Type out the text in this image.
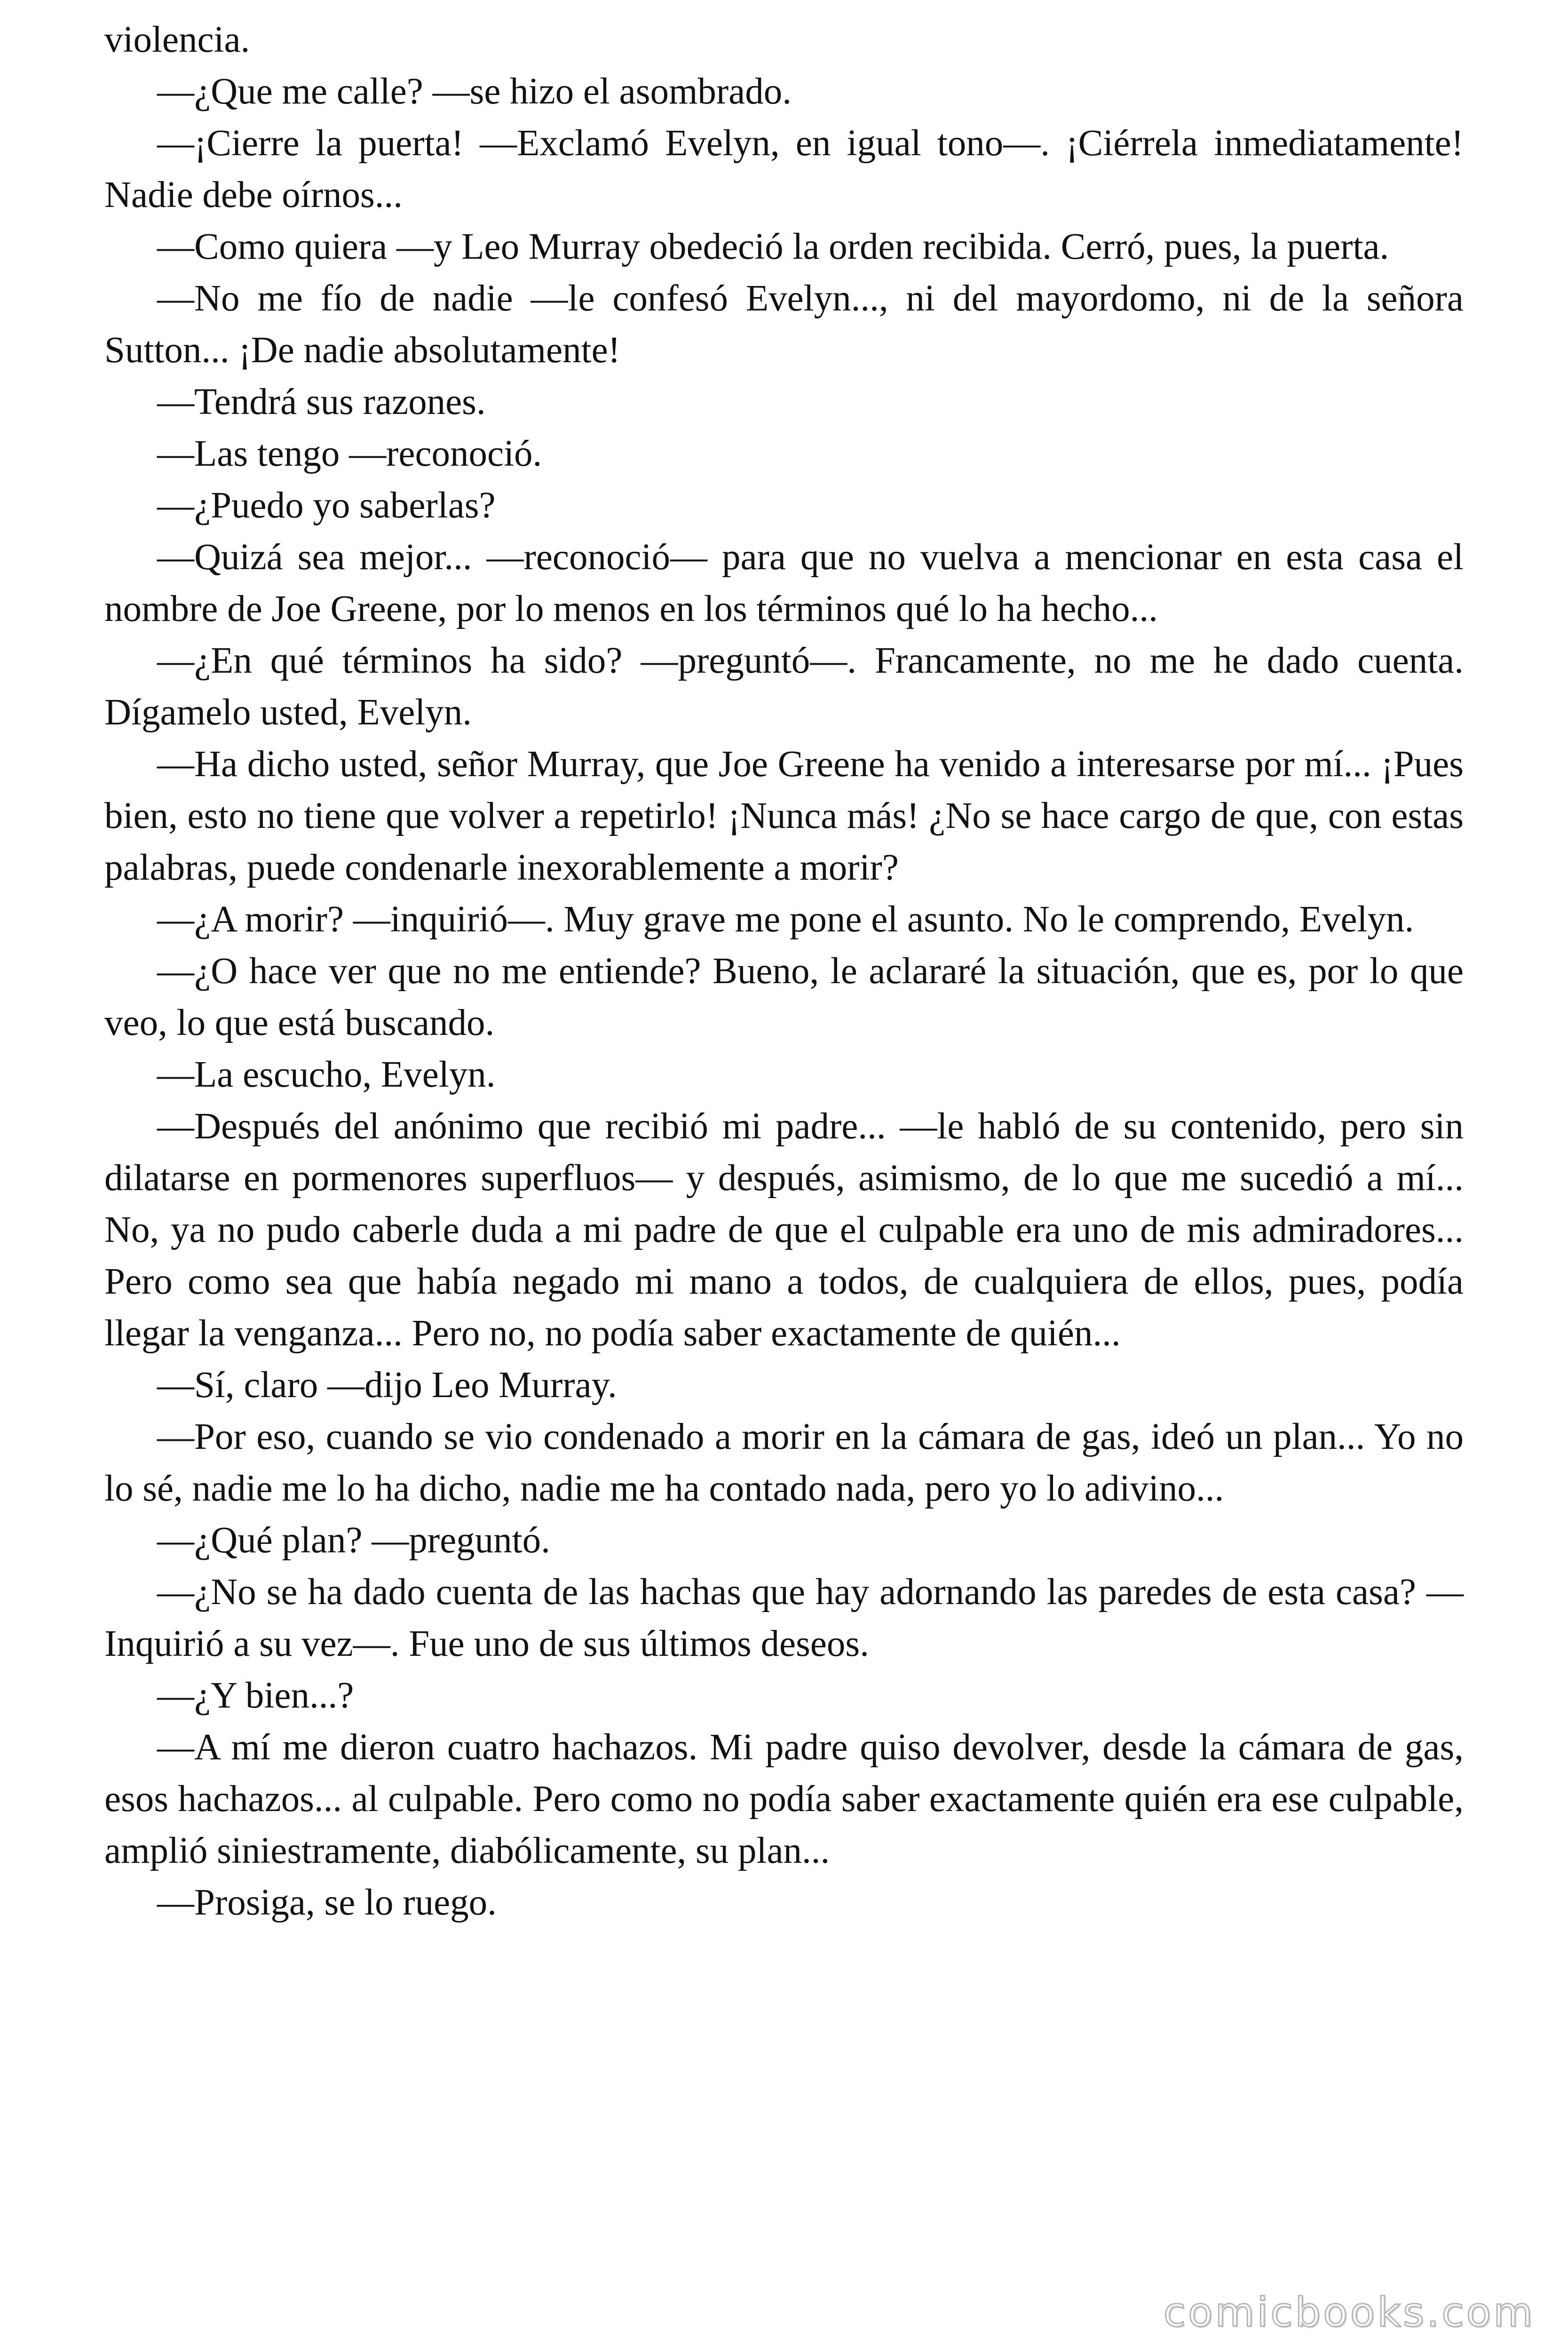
violencia.

—¿Que me calle? —se hizo el asombrado.

—¡Cierre la puerta! —Exclamó Evelyn, en igual tono—. ¡Ciérrela inmediatamente! Nadie debe oírnos...

—Como quiera —y Leo Murray obedeció la orden recibida. Cerró, pues, la puerta.

—No me fío de nadie —le confesó Evelyn..., ni del mayordomo, ni de la señora Sutton... ¡De nadie absolutamente!

—Tendrá sus razones.

—Las tengo —reconoció.

—¿Puedo yo saberlas?

—Quizá sea mejor... —reconoció— para que no vuelva a mencionar en esta casa el nombre de Joe Greene, por lo menos en los términos qué lo ha hecho...

—¿En qué términos ha sido? —preguntó—. Francamente, no me he dado cuenta. Dígamelo usted, Evelyn.

—Ha dicho usted, señor Murray, que Joe Greene ha venido a interesarse por mí... ¡Pues bien, esto no tiene que volver a repetirlo! ¡Nunca más! ¿No se hace cargo de que, con estas palabras, puede condenarle inexorablemente a morir?

—¿A morir? —inquirió—. Muy grave me pone el asunto. No le comprendo, Evelyn.

—¿O hace ver que no me entiende? Bueno, le aclararé la situación, que es, por lo que veo, lo que está buscando.

—La escucho, Evelyn.

—Después del anónimo que recibió mi padre... —le habló de su contenido, pero sin dilatarse en pormenores superfluos— y después, asimismo, de lo que me sucedió a mí... No, ya no pudo caberle duda a mi padre de que el culpable era uno de mis admiradores... Pero como sea que había negado mi mano a todos, de cualquiera de ellos, pues, podía llegar la venganza... Pero no, no podía saber exactamente de quién...

—Sí, claro —dijo Leo Murray.

—Por eso, cuando se vio condenado a morir en la cámara de gas, ideó un plan... Yo no lo sé, nadie me lo ha dicho, nadie me ha contado nada, pero yo lo adivino...

—¿Qué plan? —preguntó.

—¿No se ha dado cuenta de las hachas que hay adornando las paredes de esta casa? —Inquirió a su vez—. Fue uno de sus últimos deseos.

—¿Y bien...?

—A mí me dieron cuatro hachazos. Mi padre quiso devolver, desde la cámara de gas, esos hachazos... al culpable. Pero como no podía saber exactamente quién era ese culpable, amplió siniestramente, diabólicamente, su plan...

—Prosiga, se lo ruego.

comicbooks.com
